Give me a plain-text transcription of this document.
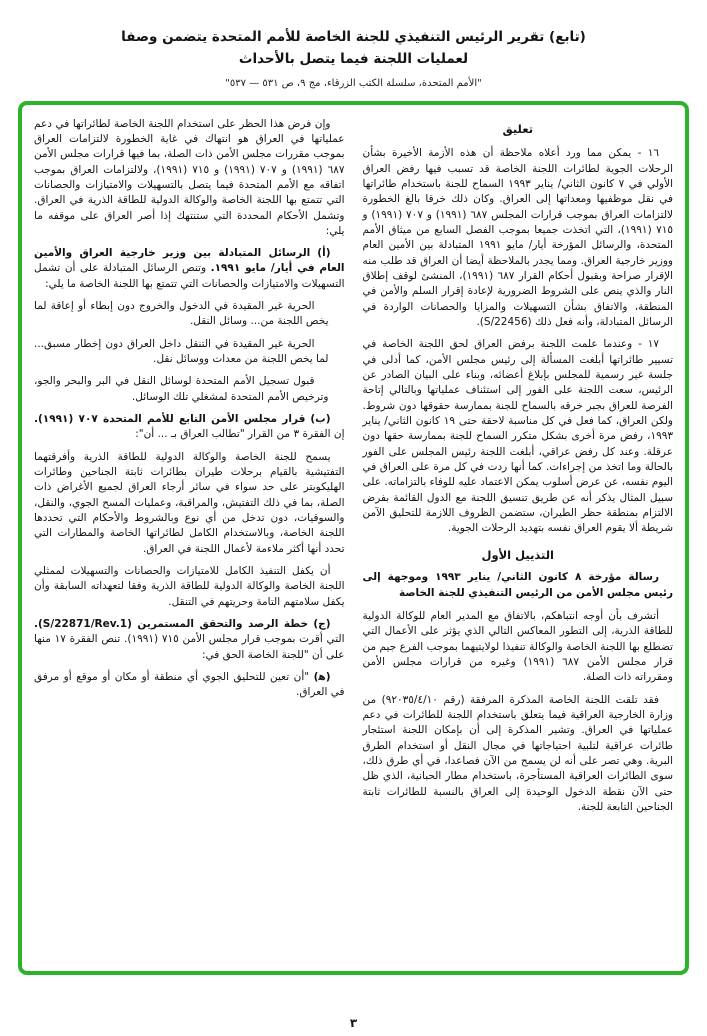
(تابع) تقرير الرئيس التنفيذي للجنة الخاصة للأمم المتحدة يتضمن وصفا
لعمليات اللجنة فيما يتصل بالأحداث
"الأمم المتحدة، سلسلة الكتب الزرقاء، مج ٩، ص ٥٣١ — ٥٣٧"
تعليق

١٦ - يمكن مما ورد أعلاه ملاحظة أن هذه الأزمة الأخيرة بشأن الرحلات الجوية لطائرات اللجنة الخاصة قد تسبب فيها رفض العراق الأولي في ٧ كانون الثاني/ يناير ١٩٩٣ السماح للجنة باستخدام طائراتها في نقل موظفيها ومعداتها إلى العراق. وكان ذلك خرقا بالغ الخطورة لالتزامات العراق بموجب قرارات المجلس ٦٨٧ (١٩٩١) و ٧٠٧ (١٩٩١) و ٧١٥ (١٩٩١)، التي اتخذت جميعا بموجب الفصل السابع من ميثاق الأمم المتحدة، والرسائل المؤرخة أيار/ مايو ١٩٩١ المتبادلة بين الأمين العام ووزير خارجية العراق. ومما يجدر بالملاحظة أيضا أن العراق قد طلب منه الإقرار صراحة وبقبول أحكام القرار ٦٨٧ (١٩٩١)، المنشئ لوقف إطلاق النار والذي ينص على الشروط الضرورية لإعادة إقرار السلم والأمن في المنطقة، والاتفاق بشأن التسهيلات والمزايا والحصانات الواردة في الرسائل المتبادلة، وأنه فعل ذلك (S/22456).

١٧ - وعندما علمت اللجنة برفض العراق لحق اللجنة الخاصة في تسيير طائراتها أبلغت المسألة إلى رئيس مجلس الأمن، كما أدلى في جلسة غير رسمية للمجلس بإبلاغ أعضائه، وبناء على البيان الصادر عن الرئيس، سعت اللجنة على الفور إلى استئناف عملياتها وبالتالي إتاحة الفرصة للعراق بجبر خرقه بالسماح للجنة بممارسة حقوقها دون شروط. ولكن العراق، كما فعل في كل مناسبة لاحقة حتى ١٩ كانون الثاني/ يناير ١٩٩٣، رفض مرة أخرى بشكل متكرر السماح للجنة بممارسة حقها دون عرقلة. وعند كل رفض عراقي، أبلغت اللجنة رئيس المجلس على الفور بالحالة وما اتخذ من إجراءات. كما أنها ردت في كل مرة على العراق في اليوم نفسه، عن عرض أسلوب يمكن الاعتماد عليه للوفاء بالتزاماته. على سبيل المثال يذكر أنه عن طريق تنسيق اللجنة مع الدول القائمة بفرض الالتزام بمنطقة حظر الطيران، ستضمن الظروف اللازمة للتحليق الآمن شريطة ألا يقوم العراق نفسه بتهديد الرحلات الجوية.

التذييل الأول
رسالة مؤرخة ٨ كانون الثاني/ يناير ١٩٩٣ وموجهة إلى رئيس مجلس الأمن من الرئيس التنفيذي للجنة الخاصة

أتشرف بأن أوجه انتباهكم، بالاتفاق مع المدير العام للوكالة الدولية للطاقة الذرية، إلى التطور المعاكس التالي الذي يؤثر على الأعمال التي تضطلع بها اللجنة الخاصة والوكالة تنفيذا لولايتيهما بموجب الفرع جيم من قرار مجلس الأمن ٦٨٧ (١٩٩١) وغيره من قرارات مجلس الأمن ومقرراته ذات الصلة.

فقد تلقت اللجنة الخاصة المذكرة المرفقة (رقم ٩٢٠٣٥/٤/١٠) من وزارة الخارجية العراقية فيما يتعلق باستخدام اللجنة للطائرات في دعم عملياتها في العراق. وتشير المذكرة إلى أن بإمكان اللجنة استئجار طائرات عراقية لتلبية احتياجاتها في مجال النقل أو استخدام الطرق البرية. وهي تصر على أنه لن يسمح من الآن فصاعدا، في أي طرق ذلك، سوى الطائرات العراقية المستأجرة، باستخدام مطار الحبانية، الذي ظل حتى الآن نقطة الدخول الوحيدة إلى العراق بالنسبة للطائرات ثابتة الجناحين التابعة للجنة.

وإن فرض هذا الحظر على استخدام اللجنة الخاصة لطائراتها في دعم عملياتها في العراق هو انتهاك في غاية الخطورة لالتزامات العراق بموجب مقررات مجلس الأمن ذات الصلة، بما فيها قرارات مجلس الأمن ٦٨٧ (١٩٩١) و ٧٠٧ (١٩٩١) و ٧١٥ (١٩٩١)، ولالتزامات العراق بموجب اتفاقه مع الأمم المتحدة فيما يتصل بالتسهيلات والامتيازات والحصانات التي تتمتع بها اللجنة الخاصة والوكالة الدولية للطاقة الذرية في العراق. وتشمل الأحكام المحددة التي ستنتهك إذا أصر العراق على موقفه ما يلي:

(أ) الرسائل المتبادلة بين وزير خارجية العراق والأمين العام في أيار/ مايو ١٩٩١. وتنص الرسائل المتبادلة على أن تشمل التسهيلات والامتيازات والحصانات التي تتمتع بها اللجنة الخاصة ما يلي:

الحرية غير المقيدة في الدخول والخروج دون إبطاء أو إعاقة لما يخص اللجنة من... وسائل النقل.

الحرية غير المقيدة في التنقل داخل العراق دون إخطار مسبق... لما يخص اللجنة من معدات ووسائل نقل.

قبول تسجيل الأمم المتحدة لوسائل النقل في البر والبحر والجو، وترخيص الأمم المتحدة لمشغلي تلك الوسائل.

(ب) قرار مجلس الأمن التابع للأمم المتحدة ٧٠٧ (١٩٩١). إن الفقرة ٣ من القرار "تطالب العراق بـ ... أن":

يسمح للجنة الخاصة والوكالة الدولية للطاقة الذرية وأفرقتهما التفتيشية بالقيام برحلات طيران بطائرات ثابتة الجناحين وطائرات الهليكوبتر على حد سواء في سائر أرجاء العراق لجميع الأغراض ذات الصلة، بما في ذلك التفتيش، والمراقبة، وعمليات المسح الجوي، والنقل، والسوقيات، دون تدخل من أي نوع وبالشروط والأحكام التي تحددها اللجنة الخاصة، وبالاستخدام الكامل لطائراتها الخاصة والمطارات التي تحدد أنها أكثر ملاءمة لأعمال اللجنة في العراق.

أن يكفل التنفيذ الكامل للامتيازات والحصانات والتسهيلات لممثلي اللجنة الخاصة والوكالة الدولية للطاقة الذرية وفقا لتعهداته السابقة وأن يكفل سلامتهم التامة وحريتهم في التنقل.

(ج) خطة الرصد والتحقق المستمرين (S/22871/Rev.1). التي أقرت بموجب قرار مجلس الأمن ٧١٥ (١٩٩١). تنص الفقرة ١٧ منها على أن "للجنة الخاصة الحق في:

(ﻫ) "أن تعين للتحليق الجوي أي منطقة أو مكان أو موقع أو مرفق في العراق.

٣
